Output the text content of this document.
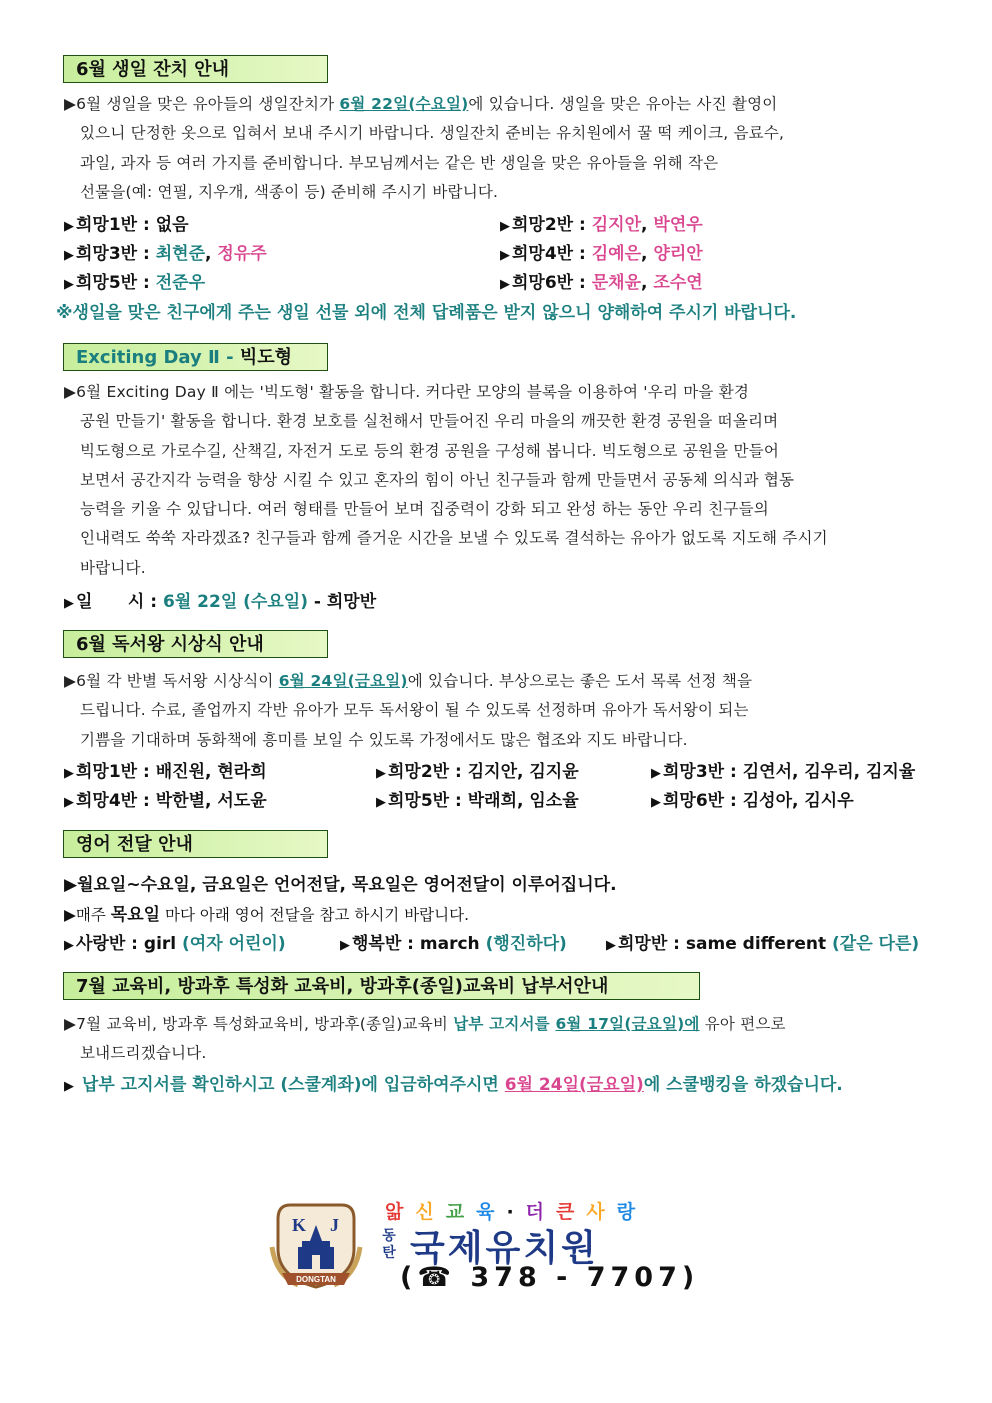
6월 생일 잔치 안내
▶6월 생일을 맞은 유아들의 생일잔치가 6월 22일(수요일)에 있습니다. 생일을 맞은 유아는 사진 촬영이
있으니 단정한 옷으로 입혀서 보내 주시기 바랍니다. 생일잔치 준비는 유치원에서 꿀 떡 케이크, 음료수,
과일, 과자 등 여러 가지를 준비합니다. 부모님께서는 같은 반 생일을 맞은 유아들을 위해 작은
선물을(예: 연필, 지우개, 색종이 등) 준비해 주시기 바랍니다.
▶ 희망1반 : 없음	▶ 희망2반 : 김지안, 박연우
▶ 희망3반 : 최현준, 정유주	▶ 희망4반 : 김예은, 양리안
▶ 희망5반 : 전준우	▶ 희망6반 : 문채윤, 조수연
※생일을 맞은 친구에게 주는 생일 선물 외에 전체 답례품은 받지 않으니 양해하여 주시기 바랍니다.
Exciting Day Ⅱ - 빅도형
▶6월 Exciting Day Ⅱ 에는 '빅도형' 활동을 합니다. 커다란 모양의 블록을 이용하여 '우리 마을 환경
공원 만들기' 활동을 합니다. 환경 보호를 실천해서 만들어진 우리 마을의 깨끗한 환경 공원을 떠올리며
빅도형으로 가로수길, 산책길, 자전거 도로 등의 환경 공원을 구성해 봅니다. 빅도형으로 공원을 만들어
보면서 공간지각 능력을 향상 시킬 수 있고 혼자의 힘이 아닌 친구들과 함께 만들면서 공동체 의식과 협동
능력을 키울 수 있답니다. 여러 형태를 만들어 보며 집중력이 강화 되고 완성 하는 동안 우리 친구들의
인내력도 쑥쑥 자라겠죠? 친구들과 함께 즐거운 시간을 보낼 수 있도록 결석하는 유아가 없도록 지도해 주시기
바랍니다.
▶ 일      시 : 6월 22일 (수요일) - 희망반
6월 독서왕 시상식 안내
▶6월 각 반별 독서왕 시상식이 6월 24일(금요일)에 있습니다. 부상으로는 좋은 도서 목록 선정 책을
드립니다. 수료, 졸업까지 각반 유아가 모두 독서왕이 될 수 있도록 선정하며 유아가 독서왕이 되는
기쁨을 기대하며 동화책에 흥미를 보일 수 있도록 가정에서도 많은 협조와 지도 바랍니다.
▶ 희망1반 : 배진원, 현라희	▶ 희망2반 : 김지안, 김지윤	▶ 희망3반 : 김연서, 김우리, 김지율
▶ 희망4반 : 박한별, 서도윤	▶ 희망5반 : 박래희, 임소율	▶ 희망6반 : 김성아, 김시우
영어 전달 안내
▶월요일~수요일, 금요일은 언어전달, 목요일은 영어전달이 이루어집니다.
▶매주 목요일 마다 아래 영어 전달을 참고 하시기 바랍니다.
▶ 사랑반 : girl (여자 어린이)	▶ 행복반 : march (행진하다)	▶ 희망반 : same different (같은 다른)
7월 교육비, 방과후 특성화 교육비, 방과후(종일)교육비 납부서안내
▶7월 교육비, 방과후 특성화교육비, 방과후(종일)교육비 납부 고지서를 6월 17일(금요일)에 유아 편으로
보내드리겠습니다.
▶ 납부 고지서를 확인하시고 (스쿨계좌)에 입금하여주시면 6월 24일(금요일)에 스쿨뱅킹을 하겠습니다.
K J
DONGTAN
앎신교육·더큰사랑
동탄 국제유치원
(☎ 378 - 7707)
